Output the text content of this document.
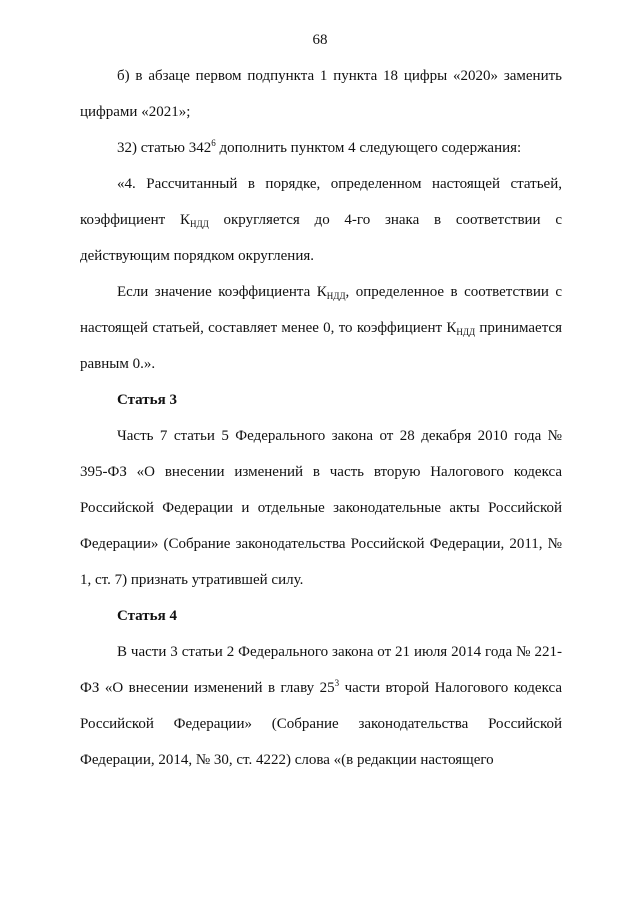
68

б) в абзаце первом подпункта 1 пункта 18 цифры «2020» заменить цифрами «2021»;

32) статью $342^6$ дополнить пунктом 4 следующего содержания:

«4. Рассчитанный в порядке, определенном настоящей статьей, коэффициент $К_{НДД}$ округляется до 4-го знака в соответствии с действующим порядком округления.

Если значение коэффициента $К_{НДД}$, определенное в соответствии с настоящей статьей, составляет менее 0, то коэффициент $К_{НДД}$ принимается равным 0.».

Статья 3

Часть 7 статьи 5 Федерального закона от 28 декабря 2010 года № 395-ФЗ «О внесении изменений в часть вторую Налогового кодекса Российской Федерации и отдельные законодательные акты Российской Федерации» (Собрание законодательства Российской Федерации, 2011, № 1, ст. 7) признать утратившей силу.

Статья 4

В части 3 статьи 2 Федерального закона от 21 июля 2014 года № 221-ФЗ «О внесении изменений в главу $25^3$ части второй Налогового кодекса Российской Федерации» (Собрание законодательства Российской Федерации, 2014, № 30, ст. 4222) слова «(в редакции настоящего
